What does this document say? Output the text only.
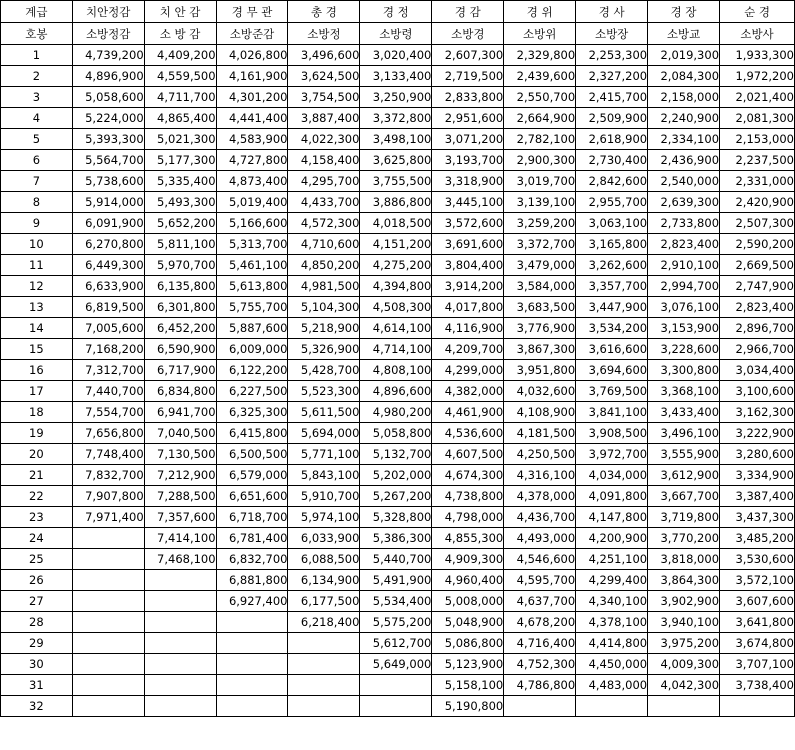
계급	치안정감	치 안 감	경 무 관	총 경	경 정	경 감	경 위	경 사	경 장	순 경
호봉	소방정감	소 방 감	소방준감	소방정	소방령	소방경	소방위	소방장	소방교	소방사
1	4,739,200	4,409,200	4,026,800	3,496,600	3,020,400	2,607,300	2,329,800	2,253,300	2,019,300	1,933,300
2	4,896,900	4,559,500	4,161,900	3,624,500	3,133,400	2,719,500	2,439,600	2,327,200	2,084,300	1,972,200
3	5,058,600	4,711,700	4,301,200	3,754,500	3,250,900	2,833,800	2,550,700	2,415,700	2,158,000	2,021,400
4	5,224,000	4,865,400	4,441,400	3,887,400	3,372,800	2,951,600	2,664,900	2,509,900	2,240,900	2,081,300
5	5,393,300	5,021,300	4,583,900	4,022,300	3,498,100	3,071,200	2,782,100	2,618,900	2,334,100	2,153,000
6	5,564,700	5,177,300	4,727,800	4,158,400	3,625,800	3,193,700	2,900,300	2,730,400	2,436,900	2,237,500
7	5,738,600	5,335,400	4,873,400	4,295,700	3,755,500	3,318,900	3,019,700	2,842,600	2,540,000	2,331,000
8	5,914,000	5,493,300	5,019,400	4,433,700	3,886,800	3,445,100	3,139,100	2,955,700	2,639,300	2,420,900
9	6,091,900	5,652,200	5,166,600	4,572,300	4,018,500	3,572,600	3,259,200	3,063,100	2,733,800	2,507,300
10	6,270,800	5,811,100	5,313,700	4,710,600	4,151,200	3,691,600	3,372,700	3,165,800	2,823,400	2,590,200
11	6,449,300	5,970,700	5,461,100	4,850,200	4,275,200	3,804,400	3,479,000	3,262,600	2,910,100	2,669,500
12	6,633,900	6,135,800	5,613,800	4,981,500	4,394,800	3,914,200	3,584,000	3,357,700	2,994,700	2,747,900
13	6,819,500	6,301,800	5,755,700	5,104,300	4,508,300	4,017,800	3,683,500	3,447,900	3,076,100	2,823,400
14	7,005,600	6,452,200	5,887,600	5,218,900	4,614,100	4,116,900	3,776,900	3,534,200	3,153,900	2,896,700
15	7,168,200	6,590,900	6,009,000	5,326,900	4,714,100	4,209,700	3,867,300	3,616,600	3,228,600	2,966,700
16	7,312,700	6,717,900	6,122,200	5,428,700	4,808,100	4,299,000	3,951,800	3,694,600	3,300,800	3,034,400
17	7,440,700	6,834,800	6,227,500	5,523,300	4,896,600	4,382,000	4,032,600	3,769,500	3,368,100	3,100,600
18	7,554,700	6,941,700	6,325,300	5,611,500	4,980,200	4,461,900	4,108,900	3,841,100	3,433,400	3,162,300
19	7,656,800	7,040,500	6,415,800	5,694,000	5,058,800	4,536,600	4,181,500	3,908,500	3,496,100	3,222,900
20	7,748,400	7,130,500	6,500,500	5,771,100	5,132,700	4,607,500	4,250,500	3,972,700	3,555,900	3,280,600
21	7,832,700	7,212,900	6,579,000	5,843,100	5,202,000	4,674,300	4,316,100	4,034,000	3,612,900	3,334,900
22	7,907,800	7,288,500	6,651,600	5,910,700	5,267,200	4,738,800	4,378,000	4,091,800	3,667,700	3,387,400
23	7,971,400	7,357,600	6,718,700	5,974,100	5,328,800	4,798,000	4,436,700	4,147,800	3,719,800	3,437,300
24		7,414,100	6,781,400	6,033,900	5,386,300	4,855,300	4,493,000	4,200,900	3,770,200	3,485,200
25		7,468,100	6,832,700	6,088,500	5,440,700	4,909,300	4,546,600	4,251,100	3,818,000	3,530,600
26			6,881,800	6,134,900	5,491,900	4,960,400	4,595,700	4,299,400	3,864,300	3,572,100
27			6,927,400	6,177,500	5,534,400	5,008,000	4,637,700	4,340,100	3,902,900	3,607,600
28				6,218,400	5,575,200	5,048,900	4,678,200	4,378,100	3,940,100	3,641,800
29					5,612,700	5,086,800	4,716,400	4,414,800	3,975,200	3,674,800
30					5,649,000	5,123,900	4,752,300	4,450,000	4,009,300	3,707,100
31						5,158,100	4,786,800	4,483,000	4,042,300	3,738,400
32						5,190,800				
